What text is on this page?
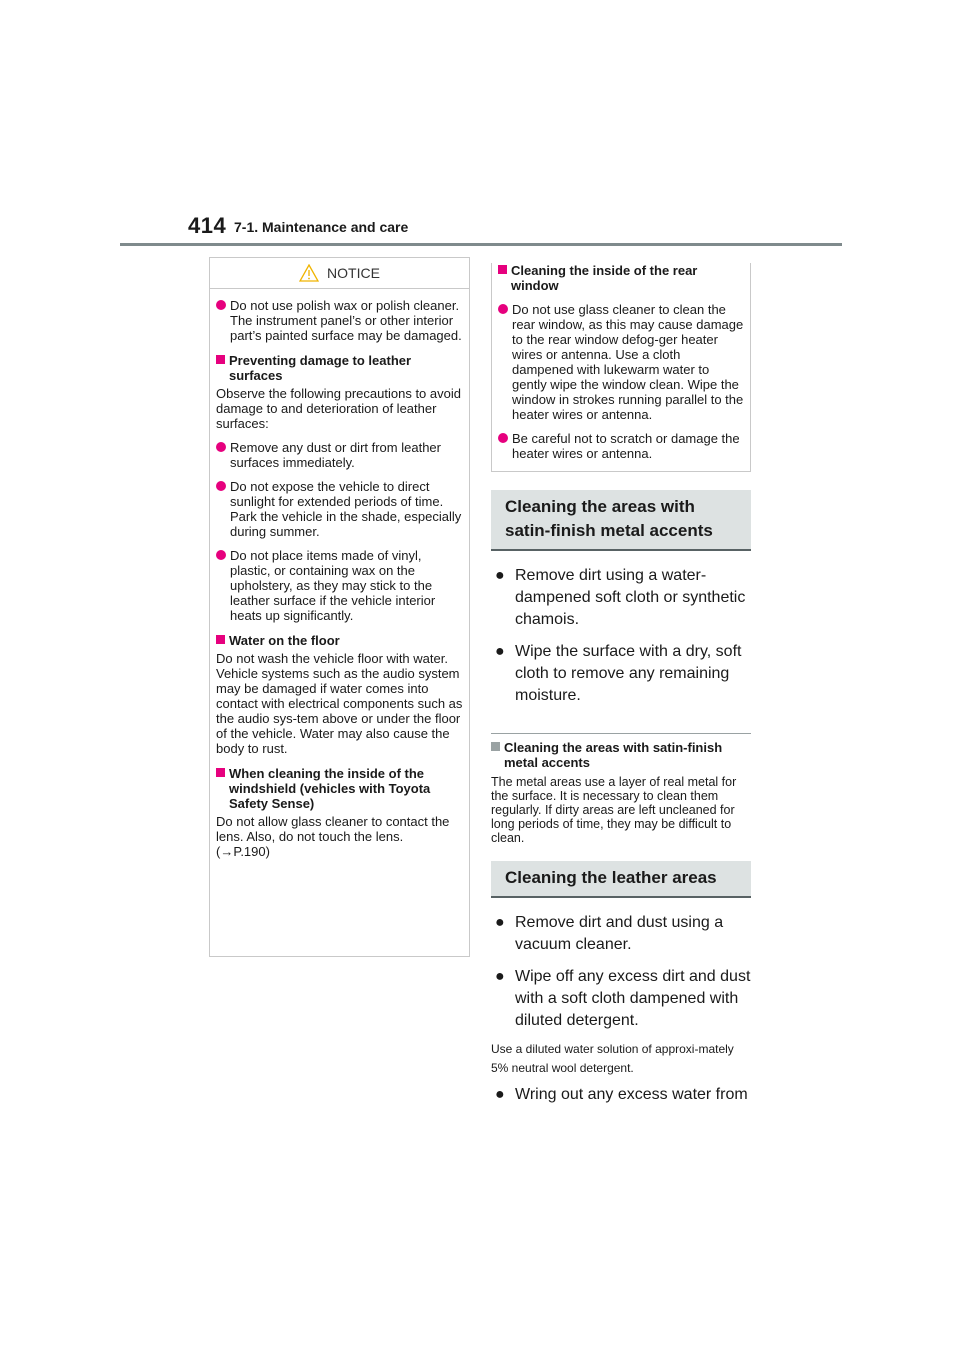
414 7-1. Maintenance and care
NOTICE
Do not use polish wax or polish cleaner. The instrument panel’s or other interior part’s painted surface may be damaged.
Preventing damage to leather surfaces
Observe the following precautions to avoid damage to and deterioration of leather surfaces:
Remove any dust or dirt from leather surfaces immediately.
Do not expose the vehicle to direct sunlight for extended periods of time. Park the vehicle in the shade, especially during summer.
Do not place items made of vinyl, plastic, or containing wax on the upholstery, as they may stick to the leather surface if the vehicle interior heats up significantly.
Water on the floor
Do not wash the vehicle floor with water.
Vehicle systems such as the audio system may be damaged if water comes into contact with electrical components such as the audio sys-tem above or under the floor of the vehicle. Water may also cause the body to rust.
When cleaning the inside of the windshield (vehicles with Toyota Safety Sense)
Do not allow glass cleaner to contact the lens. Also, do not touch the lens.
(→P.190)
Cleaning the inside of the rear window
Do not use glass cleaner to clean the rear window, as this may cause damage to the rear window defog-ger heater wires or antenna. Use a cloth dampened with lukewarm water to gently wipe the window clean. Wipe the window in strokes running parallel to the heater wires or antenna.
Be careful not to scratch or damage the heater wires or antenna.
Cleaning the areas with satin-finish metal accents
● Remove dirt using a water-dampened soft cloth or synthetic chamois.
● Wipe the surface with a dry, soft cloth to remove any remaining moisture.
Cleaning the areas with satin-finish metal accents
The metal areas use a layer of real metal for the surface. It is necessary to clean them regularly. If dirty areas are left uncleaned for long periods of time, they may be difficult to clean.
Cleaning the leather areas
● Remove dirt and dust using a vacuum cleaner.
● Wipe off any excess dirt and dust with a soft cloth dampened with diluted detergent.
Use a diluted water solution of approxi-mately 5% neutral wool detergent.
● Wring out any excess water from
